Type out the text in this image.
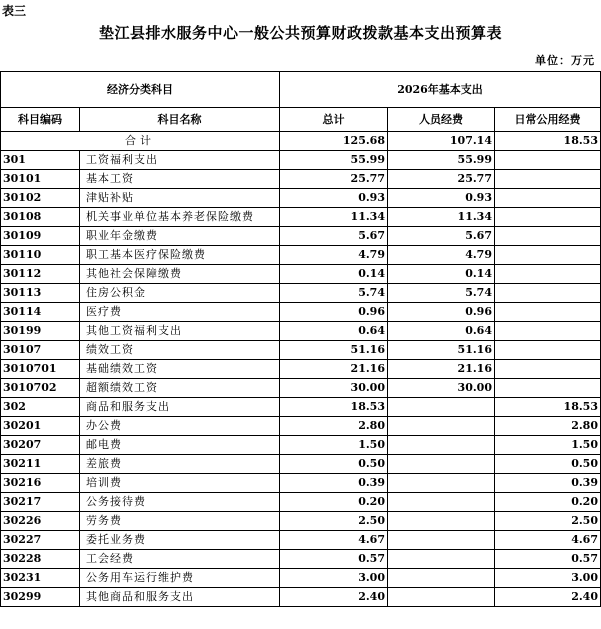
表三
垫江县排水服务中心一般公共预算财政拨款基本支出预算表
单位：万元
经济分类科目		2026年基本支出		
科目编码	科目名称	总计	人员经费	日常公用经费
合计		125.68	107.14	18.53
301	工资福利支出	55.99	55.99	
30101	基本工资	25.77	25.77	
30102	津贴补贴	0.93	0.93	
30108	机关事业单位基本养老保险缴费	11.34	11.34	
30109	职业年金缴费	5.67	5.67	
30110	职工基本医疗保险缴费	4.79	4.79	
30112	其他社会保障缴费	0.14	0.14	
30113	住房公积金	5.74	5.74	
30114	医疗费	0.96	0.96	
30199	其他工资福利支出	0.64	0.64	
30107	绩效工资	51.16	51.16	
3010701	基础绩效工资	21.16	21.16	
3010702	超额绩效工资	30.00	30.00	
302	商品和服务支出	18.53		18.53
30201	办公费	2.80		2.80
30207	邮电费	1.50		1.50
30211	差旅费	0.50		0.50
30216	培训费	0.39		0.39
30217	公务接待费	0.20		0.20
30226	劳务费	2.50		2.50
30227	委托业务费	4.67		4.67
30228	工会经费	0.57		0.57
30231	公务用车运行维护费	3.00		3.00
30299	其他商品和服务支出	2.40		2.40
